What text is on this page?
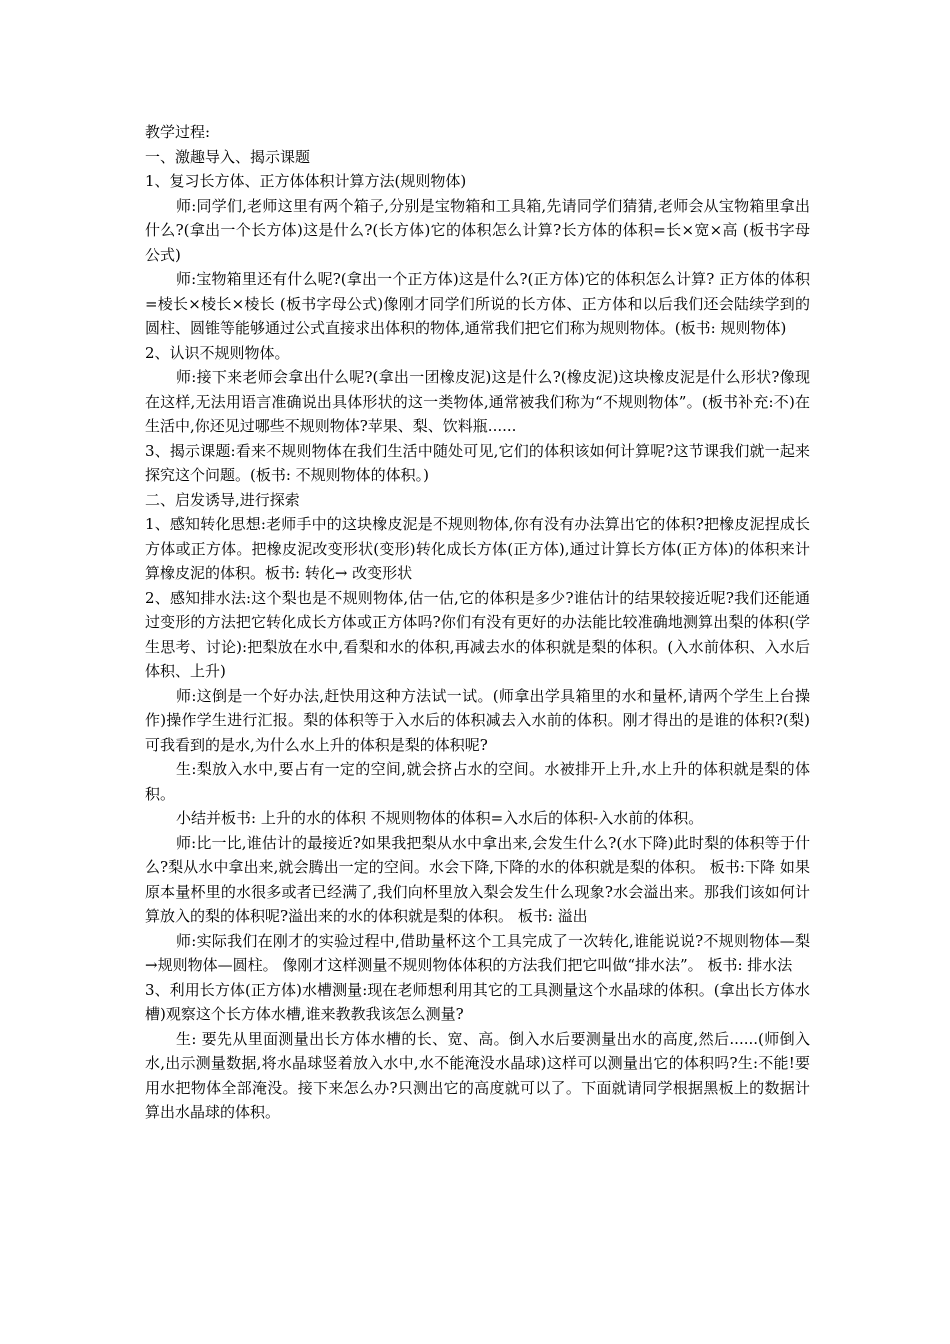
教学过程:

一、激趣导入、揭示课题

1、复习长方体、正方体体积计算方法(规则物体)

师:同学们,老师这里有两个箱子,分别是宝物箱和工具箱,先请同学们猜猜,老师会从宝物箱里拿出什么?(拿出一个长方体)这是什么?(长方体)它的体积怎么计算?长方体的体积=长×宽×高 (板书字母公式)

师:宝物箱里还有什么呢?(拿出一个正方体)这是什么?(正方体)它的体积怎么计算? 正方体的体积=棱长×棱长×棱长 (板书字母公式)像刚才同学们所说的长方体、正方体和以后我们还会陆续学到的圆柱、圆锥等能够通过公式直接求出体积的物体,通常我们把它们称为规则物体。(板书: 规则物体)

2、认识不规则物体。

师:接下来老师会拿出什么呢?(拿出一团橡皮泥)这是什么?(橡皮泥)这块橡皮泥是什么形状?像现在这样,无法用语言准确说出具体形状的这一类物体,通常被我们称为“不规则物体”。(板书补充:不)在生活中,你还见过哪些不规则物体?苹果、梨、饮料瓶......

3、揭示课题:看来不规则物体在我们生活中随处可见,它们的体积该如何计算呢?这节课我们就一起来探究这个问题。(板书: 不规则物体的体积。)

二、启发诱导,进行探索

1、感知转化思想:老师手中的这块橡皮泥是不规则物体,你有没有办法算出它的体积?把橡皮泥捏成长方体或正方体。把橡皮泥改变形状(变形)转化成长方体(正方体),通过计算长方体(正方体)的体积来计算橡皮泥的体积。板书: 转化→ 改变形状

2、感知排水法:这个梨也是不规则物体,估一估,它的体积是多少?谁估计的结果较接近呢?我们还能通过变形的方法把它转化成长方体或正方体吗?你们有没有更好的办法能比较准确地测算出梨的体积(学生思考、讨论):把梨放在水中,看梨和水的体积,再减去水的体积就是梨的体积。(入水前体积、入水后体积、上升)

师:这倒是一个好办法,赶快用这种方法试一试。(师拿出学具箱里的水和量杯,请两个学生上台操作)操作学生进行汇报。梨的体积等于入水后的体积减去入水前的体积。刚才得出的是谁的体积?(梨)可我看到的是水,为什么水上升的体积是梨的体积呢?

生:梨放入水中,要占有一定的空间,就会挤占水的空间。水被排开上升,水上升的体积就是梨的体积。

小结并板书: 上升的水的体积 不规则物体的体积=入水后的体积-入水前的体积。

师:比一比,谁估计的最接近?如果我把梨从水中拿出来,会发生什么?(水下降)此时梨的体积等于什么?梨从水中拿出来,就会腾出一定的空间。水会下降,下降的水的体积就是梨的体积。 板书:下降 如果原本量杯里的水很多或者已经满了,我们向杯里放入梨会发生什么现象?水会溢出来。那我们该如何计算放入的梨的体积呢?溢出来的水的体积就是梨的体积。 板书: 溢出

师:实际我们在刚才的实验过程中,借助量杯这个工具完成了一次转化,谁能说说?不规则物体—梨→规则物体—圆柱。 像刚才这样测量不规则物体体积的方法我们把它叫做“排水法”。 板书: 排水法

3、利用长方体(正方体)水槽测量:现在老师想利用其它的工具测量这个水晶球的体积。(拿出长方体水槽)观察这个长方体水槽,谁来教教我该怎么测量?

生: 要先从里面测量出长方体水槽的长、宽、高。倒入水后要测量出水的高度,然后......(师倒入水,出示测量数据,将水晶球竖着放入水中,水不能淹没水晶球)这样可以测量出它的体积吗?生:不能!要用水把物体全部淹没。接下来怎么办?只测出它的高度就可以了。下面就请同学根据黑板上的数据计算出水晶球的体积。
